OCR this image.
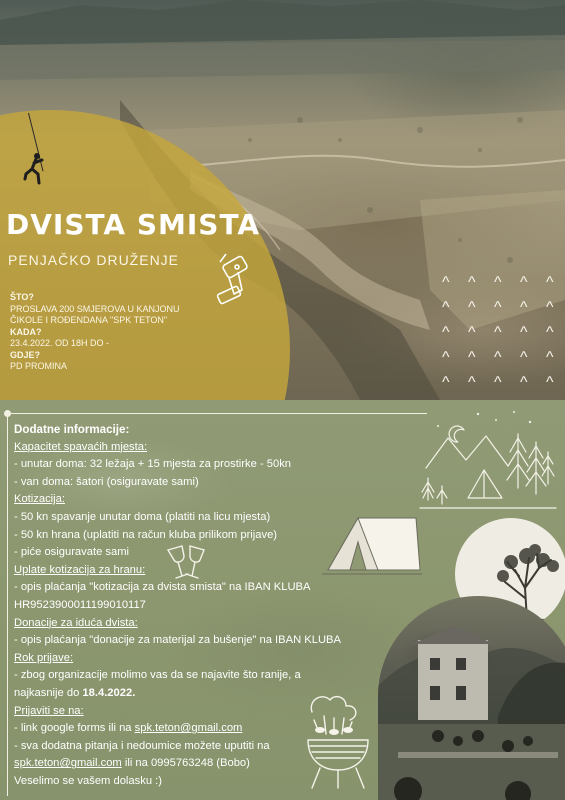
DVISTA SMISTA
PENJAČKO DRUŽENJE
ŠTO?
PROSLAVA 200 SMJEROVA U KANJONU ČIKOLE I ROĐENDANA "SPK TETON"
KADA?
23.4.2022. OD 18H DO -
GDJE?
PD PROMINA
^ ^ ^ ^ ^
^ ^ ^ ^ ^
^ ^ ^ ^ ^
^ ^ ^ ^ ^
^ ^ ^ ^ ^
Dodatne informacije:
Kapacitet spavaćih mjesta:
- unutar doma: 32 ležaja + 15 mjesta za prostirke - 50kn
- van doma: šatori (osiguravate sami)
Kotizacija:
- 50 kn spavanje unutar doma (platiti na licu mjesta)
- 50 kn hrana (uplatiti na račun kluba prilikom prijave)
- piće osiguravate sami
Uplate kotizacija za hranu:
- opis plaćanja "kotizacija za dvista smista" na IBAN KLUBA
HR9523900011199010117
Donacije za iduća dvista:
- opis plaćanja "donacije za materijal za bušenje" na IBAN KLUBA
Rok prijave:
- zbog organizacije molimo vas da se najavite što ranije, a
najkasnije do 18.4.2022.
Prijaviti se na:
- link google forms ili na spk.teton@gmail.com
- sva dodatna pitanja i nedoumice možete uputiti na
spk.teton@gmail.com ili na 0995763248 (Bobo)
Veselimo se vašem dolasku :)
